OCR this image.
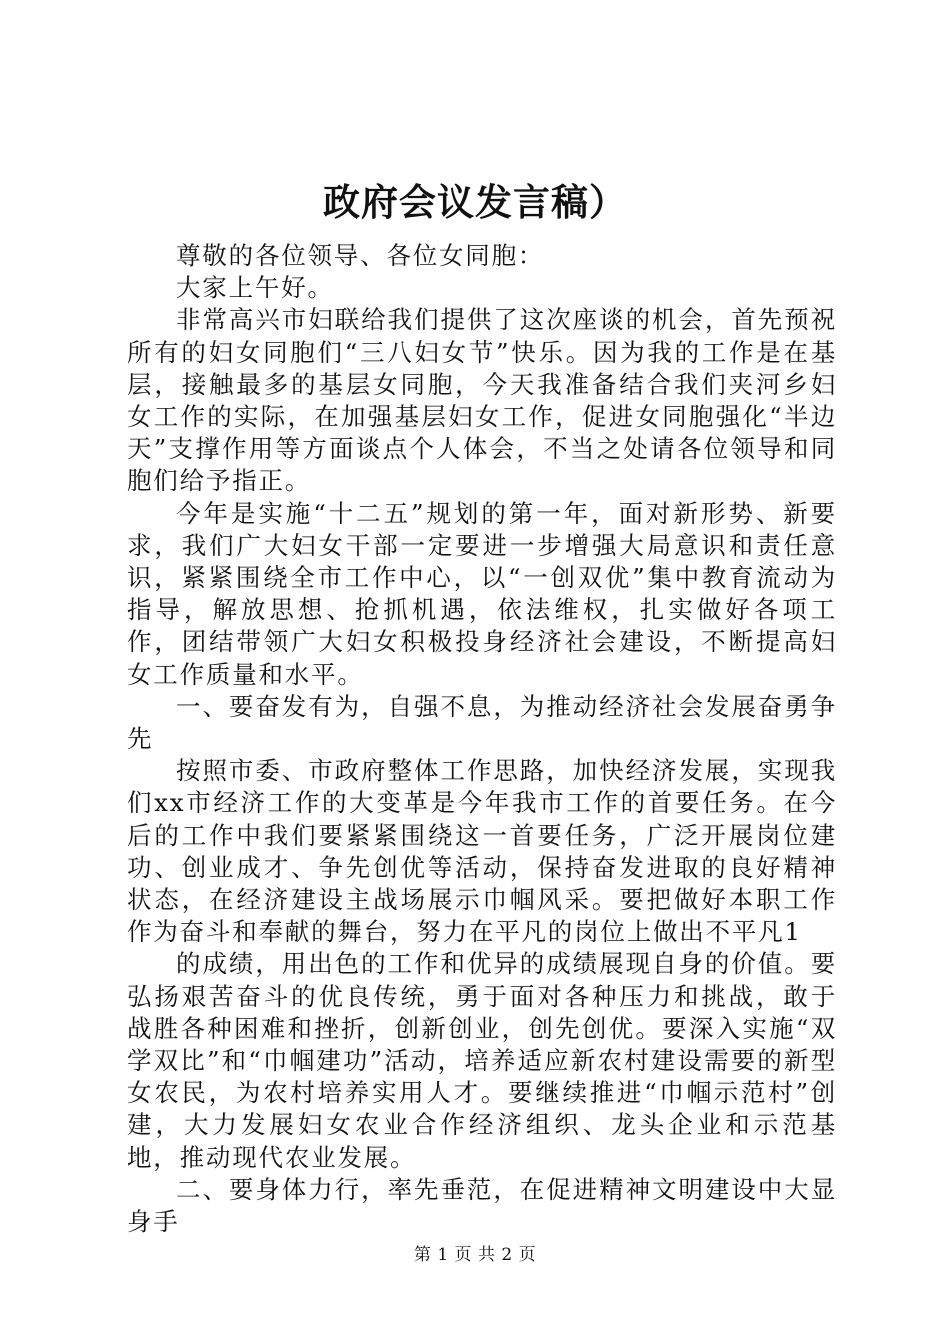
政府会议发言稿）

尊敬的各位领导、各位女同胞：

大家上午好。

非常高兴市妇联给我们提供了这次座谈的机会，首先预祝所有的妇女同胞们“三八妇女节”快乐。因为我的工作是在基层，接触最多的基层女同胞，今天我准备结合我们夹河乡妇女工作的实际，在加强基层妇女工作，促进女同胞强化“半边天”支撑作用等方面谈点个人体会，不当之处请各位领导和同胞们给予指正。

今年是实施“十二五”规划的第一年，面对新形势、新要求，我们广大妇女干部一定要进一步增强大局意识和责任意识，紧紧围绕全市工作中心，以“一创双优”集中教育流动为指导，解放思想、抢抓机遇，依法维权，扎实做好各项工作，团结带领广大妇女积极投身经济社会建设，不断提高妇女工作质量和水平。

一、要奋发有为，自强不息，为推动经济社会发展奋勇争先

按照市委、市政府整体工作思路，加快经济发展，实现我们xx市经济工作的大变革是今年我市工作的首要任务。在今后的工作中我们要紧紧围绕这一首要任务，广泛开展岗位建功、创业成才、争先创优等活动，保持奋发进取的良好精神状态，在经济建设主战场展示巾帼风采。要把做好本职工作作为奋斗和奉献的舞台，努力在平凡的岗位上做出不平凡1

的成绩，用出色的工作和优异的成绩展现自身的价值。要弘扬艰苦奋斗的优良传统，勇于面对各种压力和挑战，敢于战胜各种困难和挫折，创新创业，创先创优。要深入实施“双学双比”和“巾帼建功”活动，培养适应新农村建设需要的新型女农民，为农村培养实用人才。要继续推进“巾帼示范村”创建，大力发展妇女农业合作经济组织、龙头企业和示范基地，推动现代农业发展。

二、要身体力行，率先垂范，在促进精神文明建设中大显身手

第 1 页 共 2 页
